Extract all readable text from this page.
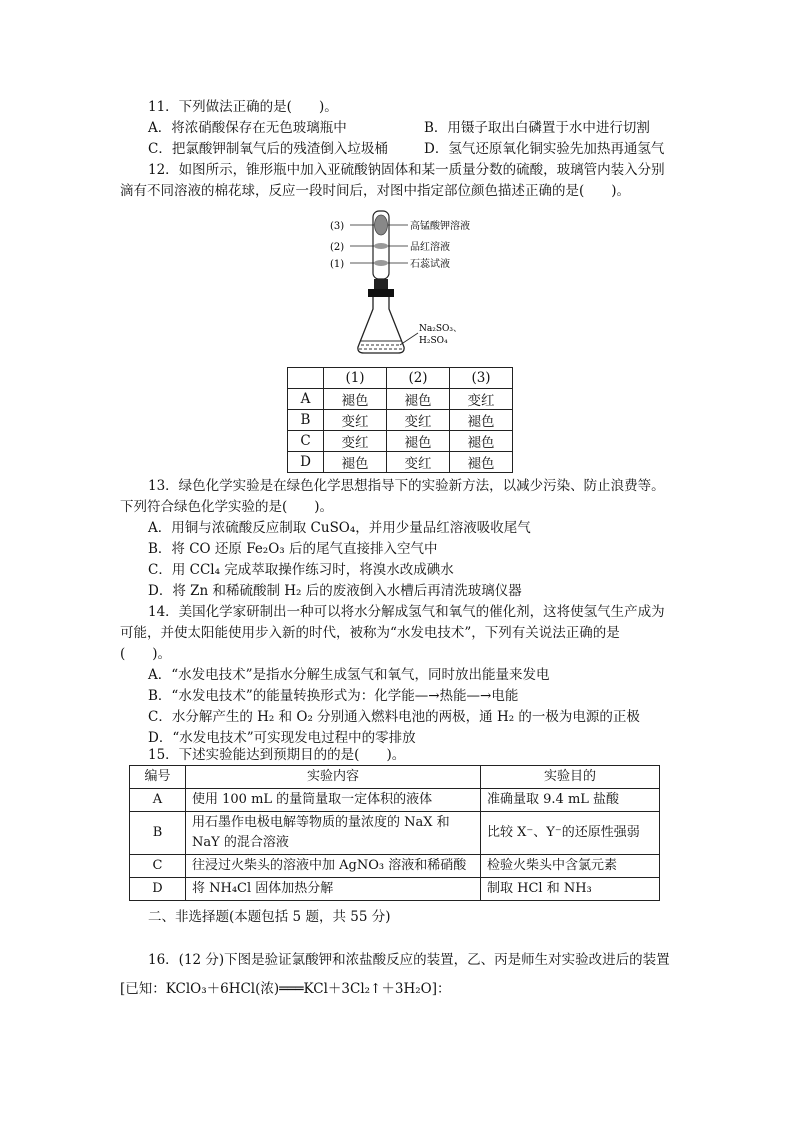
11．下列做法正确的是(　　)。
A．将浓硝酸保存在无色玻璃瓶中	B．用镊子取出白磷置于水中进行切割
C．把氯酸钾制氧气后的残渣倒入垃圾桶	D．氢气还原氧化铜实验先加热再通氢气
12．如图所示，锥形瓶中加入亚硫酸钠固体和某一质量分数的硫酸，玻璃管内装入分别
滴有不同溶液的棉花球，反应一段时间后，对图中指定部位颜色描述正确的是(　　)。
(3)
(2)
(1)
高锰酸钾溶液
品红溶液
石蕊试液
Na₂SO₃、
H₂SO₄
	(1)	(2)	(3)
A	褪色	褪色	变红
B	变红	变红	褪色
C	变红	褪色	褪色
D	褪色	变红	褪色
13．绿色化学实验是在绿色化学思想指导下的实验新方法，以减少污染、防止浪费等。
下列符合绿色化学实验的是(　　)。
A．用铜与浓硫酸反应制取 CuSO₄，并用少量品红溶液吸收尾气
B．将 CO 还原 Fe₂O₃ 后的尾气直接排入空气中
C．用 CCl₄ 完成萃取操作练习时，将溴水改成碘水
D．将 Zn 和稀硫酸制 H₂ 后的废液倒入水槽后再清洗玻璃仪器
14．美国化学家研制出一种可以将水分解成氢气和氧气的催化剂，这将使氢气生产成为
可能，并使太阳能使用步入新的时代，被称为“水发电技术”，下列有关说法正确的是
(　　)。
A．“水发电技术”是指水分解生成氢气和氧气，同时放出能量来发电
B．“水发电技术”的能量转换形式为：化学能—→热能—→电能
C．水分解产生的 H₂ 和 O₂ 分别通入燃料电池的两极，通 H₂ 的一极为电源的正极
D．“水发电技术”可实现发电过程中的零排放
15．下述实验能达到预期目的的是(　　)。
编号	实验内容	实验目的
A	使用 100 mL 的量筒量取一定体积的液体	准确量取 9.4 mL 盐酸
B	用石墨作电极电解等物质的量浓度的 NaX 和 NaY 的混合溶液	比较 X⁻、Y⁻的还原性强弱
C	往浸过火柴头的溶液中加 AgNO₃ 溶液和稀硝酸	检验火柴头中含氯元素
D	将 NH₄Cl 固体加热分解	制取 HCl 和 NH₃
二、非选择题(本题包括 5 题，共 55 分)
16．(12 分)下图是验证氯酸钾和浓盐酸反应的装置，乙、丙是师生对实验改进后的装置
[已知：KClO₃＋6HCl(浓)═══KCl＋3Cl₂↑＋3H₂O]：
